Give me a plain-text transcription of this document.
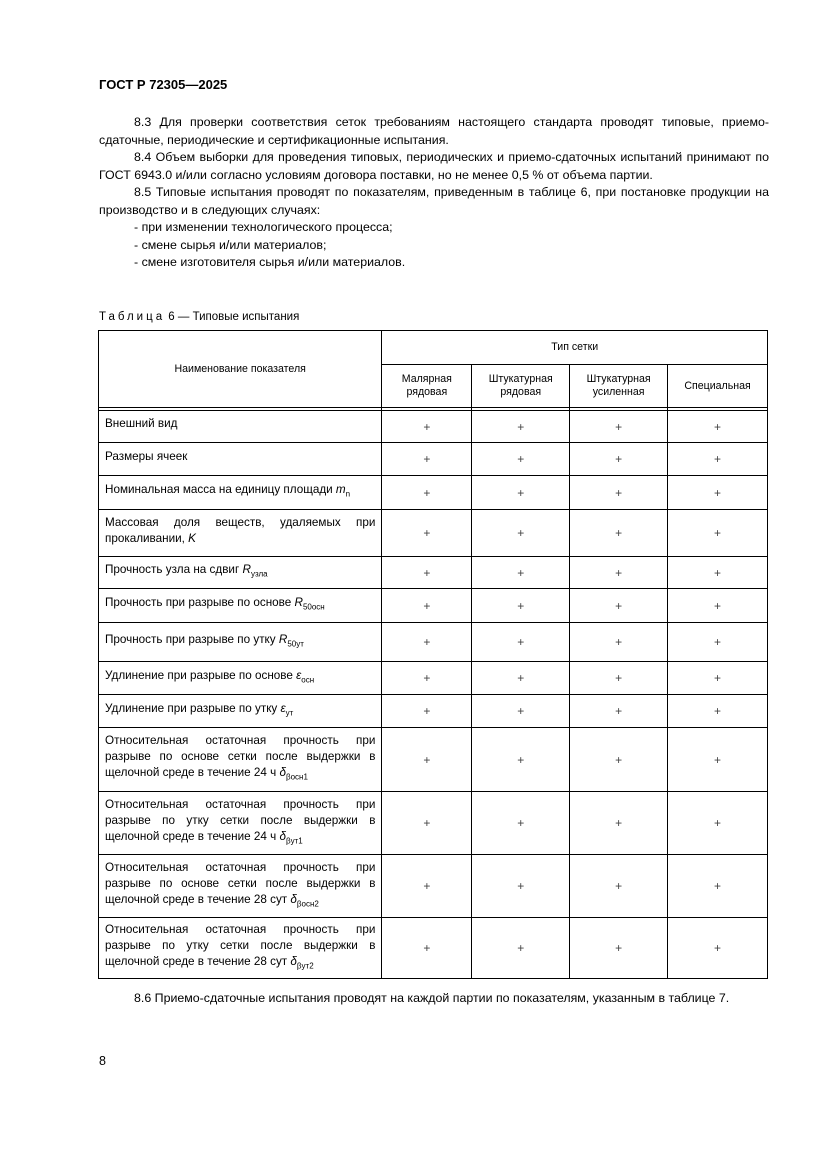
ГОСТ Р 72305—2025

8.3 Для проверки соответствия сеток требованиям настоящего стандарта проводят типовые, приемо-сдаточные, периодические и сертификационные испытания.

8.4 Объем выборки для проведения типовых, периодических и приемо-сдаточных испытаний принимают по ГОСТ 6943.0 и/или согласно условиям договора поставки, но не менее 0,5 % от объема партии.

8.5 Типовые испытания проводят по показателям, приведенным в таблице 6, при постановке продукции на производство и в следующих случаях:

- при изменении технологического процесса;
- смене сырья и/или материалов;
- смене изготовителя сырья и/или материалов.
Таблица 6 — Типовые испытания
Наименование показателя	Тип сетки			
	Малярная рядовая	Штукатурная рядовая	Штукатурная усиленная	Специальная

Внешний вид	+	+	+	+
Размеры ячеек	+	+	+	+
Номинальная масса на единицу площади $m_n$	+	+	+	+
Массовая доля веществ, удаляемых при прокаливании, K	+	+	+	+
Прочность узла на сдвиг $R_{узла}$	+	+	+	+
Прочность при разрыве по основе $R_{50осн}$	+	+	+	+
Прочность при разрыве по утку $R_{50ут}$	+	+	+	+
Удлинение при разрыве по основе $\varepsilon_{осн}$	+	+	+	+
Удлинение при разрыве по утку $\varepsilon_{ут}$	+	+	+	+
Относительная остаточная прочность при разрыве по основе сетки после выдержки в щелочной среде в течение 24 ч $\delta_{\beta осн1}$	+	+	+	+
Относительная остаточная прочность при разрыве по утку сетки после выдержки в щелочной среде в течение 24 ч $\delta_{\beta ут1}$	+	+	+	+
Относительная остаточная прочность при разрыве по основе сетки после выдержки в щелочной среде в течение 28 сут $\delta_{\beta осн2}$	+	+	+	+
Относительная остаточная прочность при разрыве по утку сетки после выдержки в щелочной среде в течение 28 сут $\delta_{\beta ут2}$	+	+	+	+

8.6 Приемо-сдаточные испытания проводят на каждой партии по показателям, указанным в таблице 7.

8
